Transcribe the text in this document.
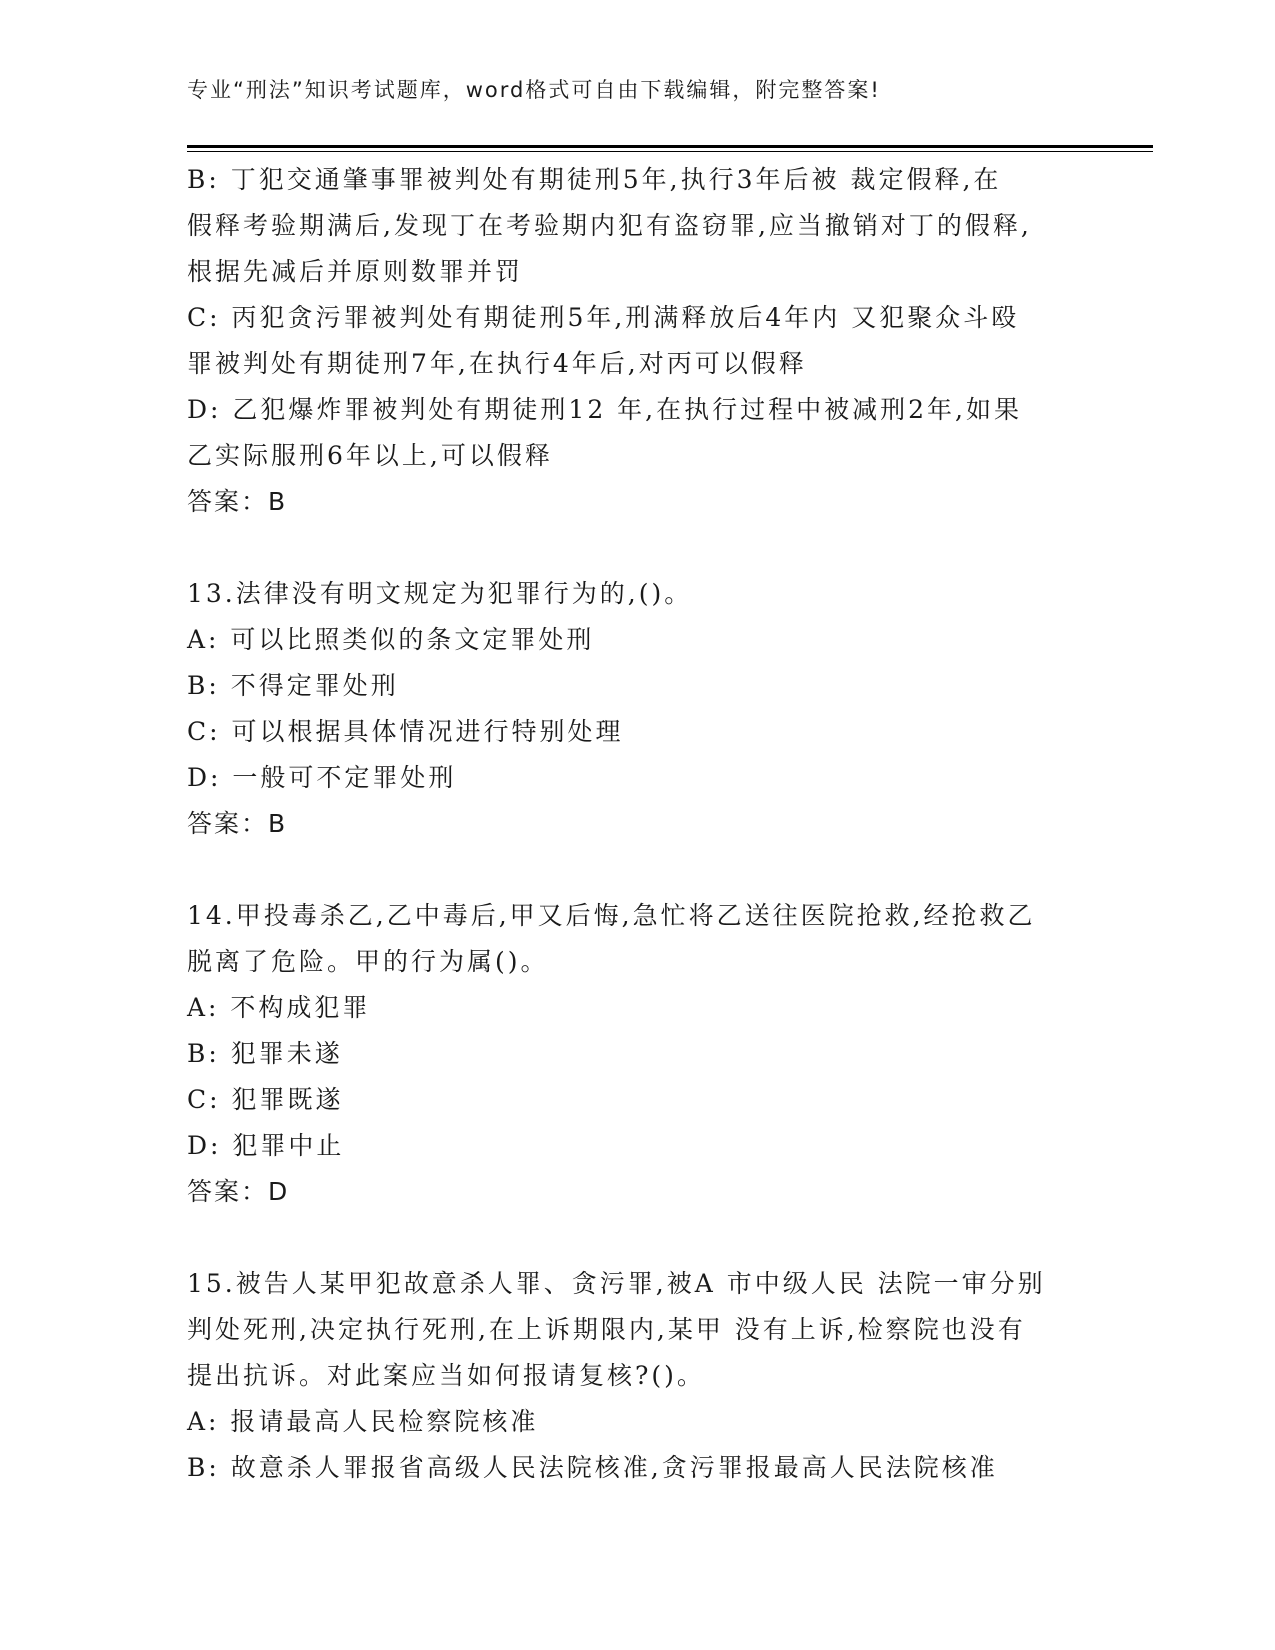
专业“刑法”知识考试题库，word格式可自由下载编辑，附完整答案!
B: 丁犯交通肇事罪被判处有期徒刑5年,执行3年后被 裁定假释,在
假释考验期满后,发现丁在考验期内犯有盗窃罪,应当撤销对丁的假释,
根据先减后并原则数罪并罚
C: 丙犯贪污罪被判处有期徒刑5年,刑满释放后4年内 又犯聚众斗殴
罪被判处有期徒刑7年,在执行4年后,对丙可以假释
D: 乙犯爆炸罪被判处有期徒刑12 年,在执行过程中被减刑2年,如果
乙实际服刑6年以上,可以假释
答案：B
13.法律没有明文规定为犯罪行为的,()。
A: 可以比照类似的条文定罪处刑
B: 不得定罪处刑
C: 可以根据具体情况进行特别处理
D: 一般可不定罪处刑
答案：B
14.甲投毒杀乙,乙中毒后,甲又后悔,急忙将乙送往医院抢救,经抢救乙
脱离了危险。甲的行为属()。
A: 不构成犯罪
B: 犯罪未遂
C: 犯罪既遂
D: 犯罪中止
答案：D
15.被告人某甲犯故意杀人罪、贪污罪,被A 市中级人民 法院一审分别
判处死刑,决定执行死刑,在上诉期限内,某甲 没有上诉,检察院也没有
提出抗诉。对此案应当如何报请复核?()。
A: 报请最高人民检察院核准
B: 故意杀人罪报省高级人民法院核准,贪污罪报最高人民法院核准
